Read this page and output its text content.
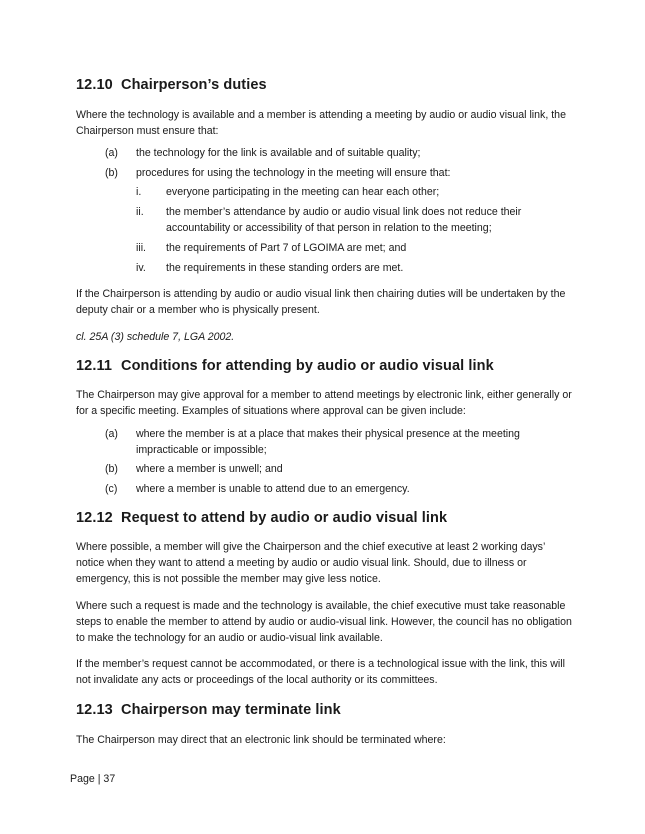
12.10 Chairperson’s duties

Where the technology is available and a member is attending a meeting by audio or audio visual link, the Chairperson must ensure that:

(a) the technology for the link is available and of suitable quality;
(b) procedures for using the technology in the meeting will ensure that:
i. everyone participating in the meeting can hear each other;
ii. the member’s attendance by audio or audio visual link does not reduce their accountability or accessibility of that person in relation to the meeting;
iii. the requirements of Part 7 of LGOIMA are met; and
iv. the requirements in these standing orders are met.

If the Chairperson is attending by audio or audio visual link then chairing duties will be undertaken by the deputy chair or a member who is physically present.

cl. 25A (3) schedule 7, LGA 2002.

12.11 Conditions for attending by audio or audio visual link

The Chairperson may give approval for a member to attend meetings by electronic link, either generally or for a specific meeting. Examples of situations where approval can be given include:

(a) where the member is at a place that makes their physical presence at the meeting impracticable or impossible;
(b) where a member is unwell; and
(c) where a member is unable to attend due to an emergency.
12.12 Request to attend by audio or audio visual link

Where possible, a member will give the Chairperson and the chief executive at least 2 working days’ notice when they want to attend a meeting by audio or audio visual link. Should, due to illness or emergency, this is not possible the member may give less notice.

Where such a request is made and the technology is available, the chief executive must take reasonable steps to enable the member to attend by audio or audio-visual link. However, the council has no obligation to make the technology for an audio or audio-visual link available.

If the member’s request cannot be accommodated, or there is a technological issue with the link, this will not invalidate any acts or proceedings of the local authority or its committees.

12.13 Chairperson may terminate link

The Chairperson may direct that an electronic link should be terminated where:

Page | 37
